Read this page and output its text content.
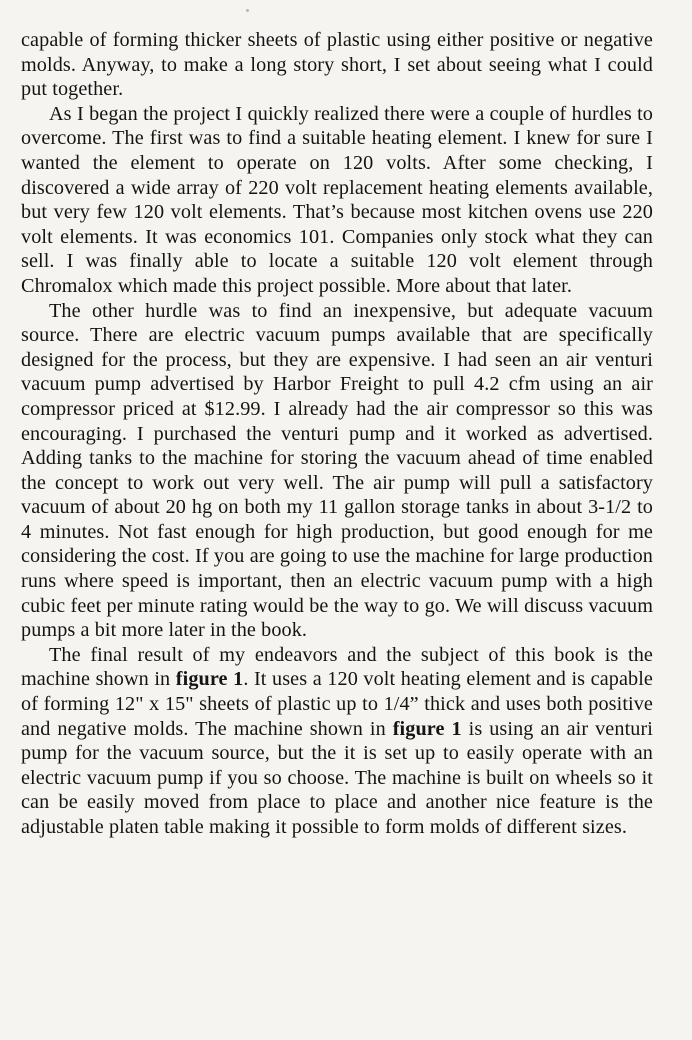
capable of forming thicker sheets of plastic using either positive or negative molds. Anyway, to make a long story short, I set about seeing what I could put together.

As I began the project I quickly realized there were a couple of hurdles to overcome. The first was to find a suitable heating element. I knew for sure I wanted the element to operate on 120 volts. After some checking, I discovered a wide array of 220 volt replacement heating elements available, but very few 120 volt elements. That’s because most kitchen ovens use 220 volt elements. It was economics 101. Companies only stock what they can sell. I was finally able to locate a suitable 120 volt element through Chromalox which made this project possible. More about that later.

The other hurdle was to find an inexpensive, but adequate vacuum source. There are electric vacuum pumps available that are specifically designed for the process, but they are expensive. I had seen an air venturi vacuum pump advertised by Harbor Freight to pull 4.2 cfm using an air compressor priced at $12.99. I already had the air compressor so this was encouraging. I purchased the venturi pump and it worked as advertised. Adding tanks to the machine for storing the vacuum ahead of time enabled the concept to work out very well. The air pump will pull a satisfactory vacuum of about 20 hg on both my 11 gallon storage tanks in about 3-1/2 to 4 minutes. Not fast enough for high production, but good enough for me considering the cost. If you are going to use the machine for large production runs where speed is important, then an electric vacuum pump with a high cubic feet per minute rating would be the way to go. We will discuss vacuum pumps a bit more later in the book.

The final result of my endeavors and the subject of this book is the machine shown in figure 1. It uses a 120 volt heating element and is capable of forming 12" x 15" sheets of plastic up to 1/4” thick and uses both positive and negative molds. The machine shown in figure 1 is using an air venturi pump for the vacuum source, but the it is set up to easily operate with an electric vacuum pump if you so choose. The machine is built on wheels so it can be easily moved from place to place and another nice feature is the adjustable platen table making it possible to form molds of different sizes.
